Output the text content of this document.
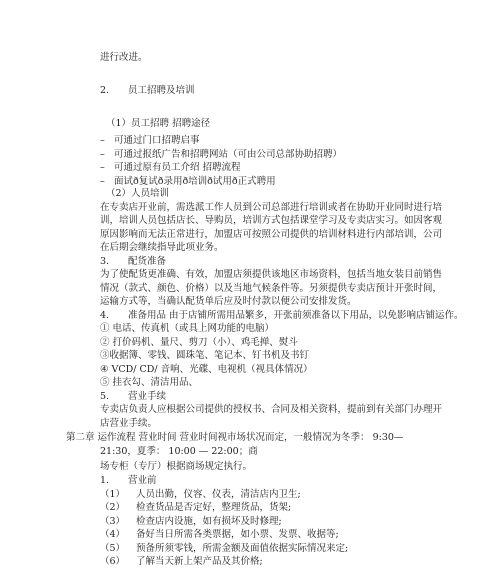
进行改进。
2. 员工招聘及培训
（1）员工招聘 招聘途径
– 可通过门口招聘启事
– 可通过报纸广告和招聘网站（可由公司总部协助招聘）
– 可通过原有员工介绍 招聘流程
– 面试ð复试ð录用ð培训ð试用ð正式聘用
（2）人员培训
在专卖店开业前，需选派工作人员到公司总部进行培训或者在协助开业同时进行培
训，培训人员包括店长、导购员，培训方式包括课堂学习及专卖店实习。如因客观
原因影响而无法正常进行，加盟店可按照公司提供的培训材料进行内部培训，公司
在后期会继续指导此项业务。
3. 配货准备
为了使配货更准确、有效，加盟店须提供该地区市场资料，包括当地女装目前销售
情况（款式、颜色、价格）以及当地气候条件等。另须提供专卖店预计开张时间，
运输方式等，当确认配货单后应及时付款以便公司安排发货。
4. 准备用品 由于店铺所需用品繁多，开张前须准备以下用品，以免影响店铺运作。
① 电话、传真机（或具上网功能的电脑）
② 打价码机、量尺、剪刀（小）、鸡毛掸、熨斗
③收据簿、零钱、圆珠笔、笔记本、钉书机及书钉
④ VCD/ CD/ 音响、光碟、电视机（视具体情况）
⑤ 挂衣勾、清洁用品、
5. 营业手续
专卖店负责人应根据公司提供的授权书、合同及相关资料，提前到有关部门办理开
店营业手续。
第二章 运作流程 营业时间 营业时间视市场状况而定，一般情况为冬季： 9:30—
21:30，夏季： 10:00 — 22:00；商
场专柜（专厅）根据商场规定执行。
1. 营业前
（1）	人员出勤，仪容、仪表，清洁店内卫生;
（2）	检查货品是否定好，整理货品，货架;
（3）	检查店内设施，如有损坏及时修理;
（4）	备好当日所需各类票据，如小票、发票、收据等;
（5）	预备所须零钱，所需金额及面值依据实际情况来定;
（6）	了解当天新上架产品及其价格;
